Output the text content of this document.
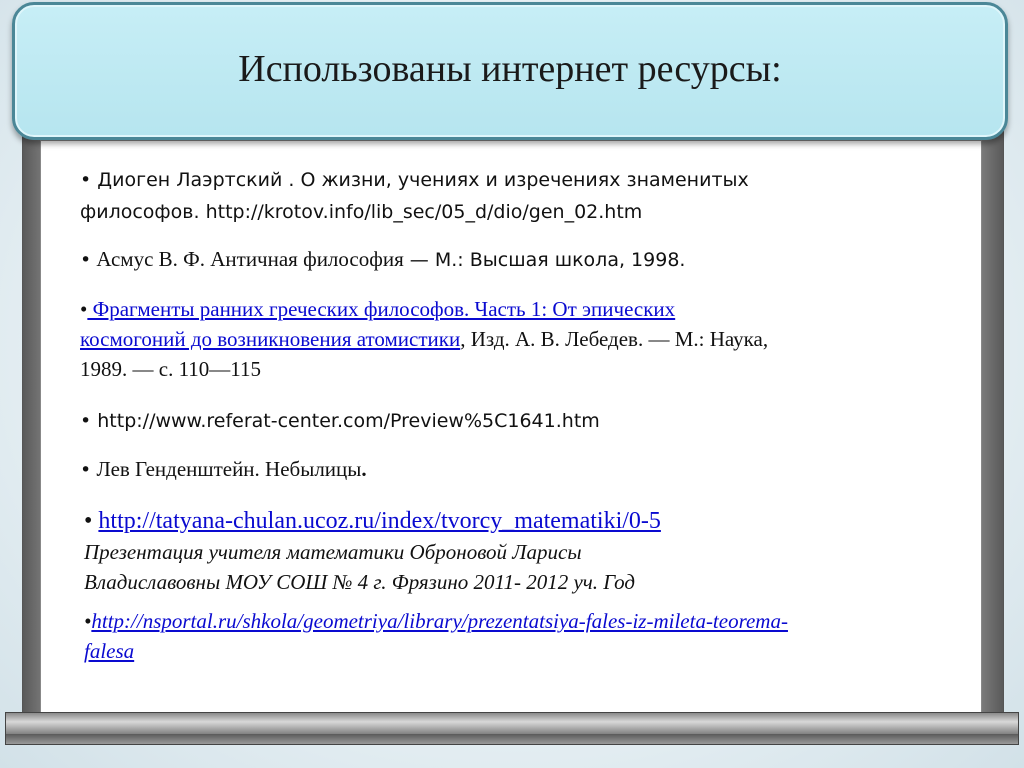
Использованы интернет ресурсы:
• Диоген Лаэртский . О жизни, учениях и изречениях знаменитых философов. http://krotov.info/lib_sec/05_d/dio/gen_02.htm
• Асмус В. Ф. Античная философия — М.: Высшая школа, 1998.
• Фрагменты ранних греческих философов. Часть 1: От эпических космогоний до возникновения атомистики, Изд. А. В. Лебедев. — М.: Наука, 1989. — с. 110—115
• http://www.referat-center.com/Preview%5C1641.htm
• Лев Генденштейн. Небылицы.
• http://tatyana-chulan.ucoz.ru/index/tvorcy_matematiki/0-5
Презентация учителя математики Оброновой Ларисы
Владиславовны МОУ СОШ № 4 г. Фрязино 2011- 2012 уч. Год
•http://nsportal.ru/shkola/geometriya/library/prezentatsiya-fales-iz-mileta-teorema-falesa
